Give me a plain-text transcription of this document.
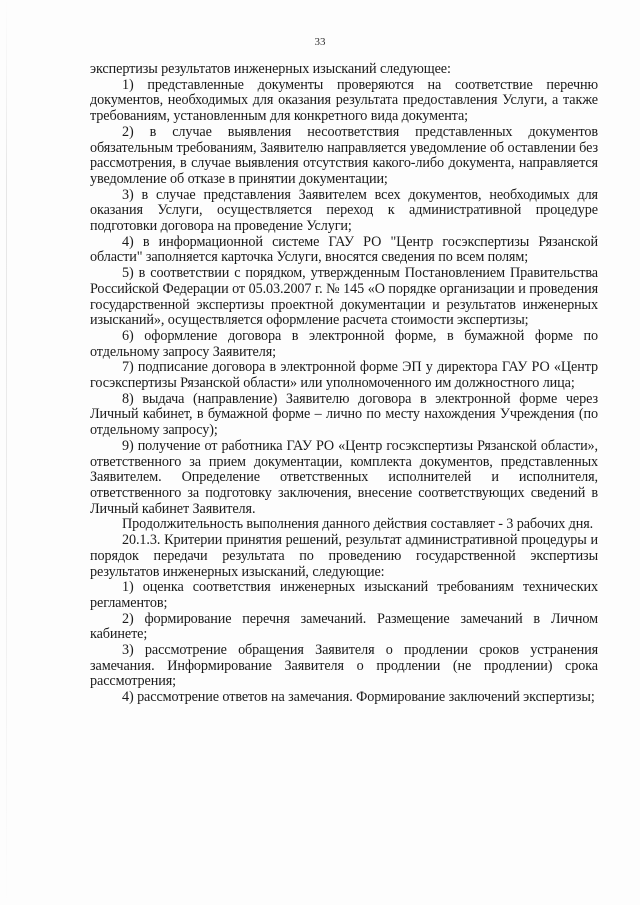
33

экспертизы результатов инженерных изысканий следующее:

1) представленные документы проверяются на соответствие перечню документов, необходимых для оказания результата предоставления Услуги, а также требованиям, установленным для конкретного вида документа;

2) в случае выявления несоответствия представленных документов обязательным требованиям, Заявителю направляется уведомление об оставлении без рассмотрения, в случае выявления отсутствия какого-либо документа, направляется уведомление об отказе в принятии документации;

3) в случае представления Заявителем всех документов, необходимых для оказания Услуги, осуществляется переход к административной процедуре подготовки договора на проведение Услуги;

4) в информационной системе ГАУ РО "Центр госэкспертизы Рязанской области" заполняется карточка Услуги, вносятся сведения по всем полям;

5) в соответствии с порядком, утвержденным Постановлением Правительства Российской Федерации от 05.03.2007 г. № 145 «О порядке организации и проведения государственной экспертизы проектной документации и результатов инженерных изысканий», осуществляется оформление расчета стоимости экспертизы;

6) оформление договора в электронной форме, в бумажной форме по отдельному запросу Заявителя;

7) подписание договора в электронной форме ЭП у директора ГАУ РО «Центр госэкспертизы Рязанской области» или уполномоченного им должностного лица;

8) выдача (направление) Заявителю договора в электронной форме через Личный кабинет, в бумажной форме – лично по месту нахождения Учреждения (по отдельному запросу);

9) получение от работника ГАУ РО «Центр госэкспертизы Рязанской области», ответственного за прием документации, комплекта документов, представленных Заявителем. Определение ответственных исполнителей и исполнителя, ответственного за подготовку заключения, внесение соответствующих сведений в Личный кабинет Заявителя.

Продолжительность выполнения данного действия составляет - 3 рабочих дня.

20.1.3. Критерии принятия решений, результат административной процедуры и порядок передачи результата по проведению государственной экспертизы результатов инженерных изысканий, следующие:

1) оценка соответствия инженерных изысканий требованиям технических регламентов;

2) формирование перечня замечаний. Размещение замечаний в Личном кабинете;

3) рассмотрение обращения Заявителя о продлении сроков устранения замечания. Информирование Заявителя о продлении (не продлении) срока рассмотрения;

4) рассмотрение ответов на замечания. Формирование заключений экспертизы;
